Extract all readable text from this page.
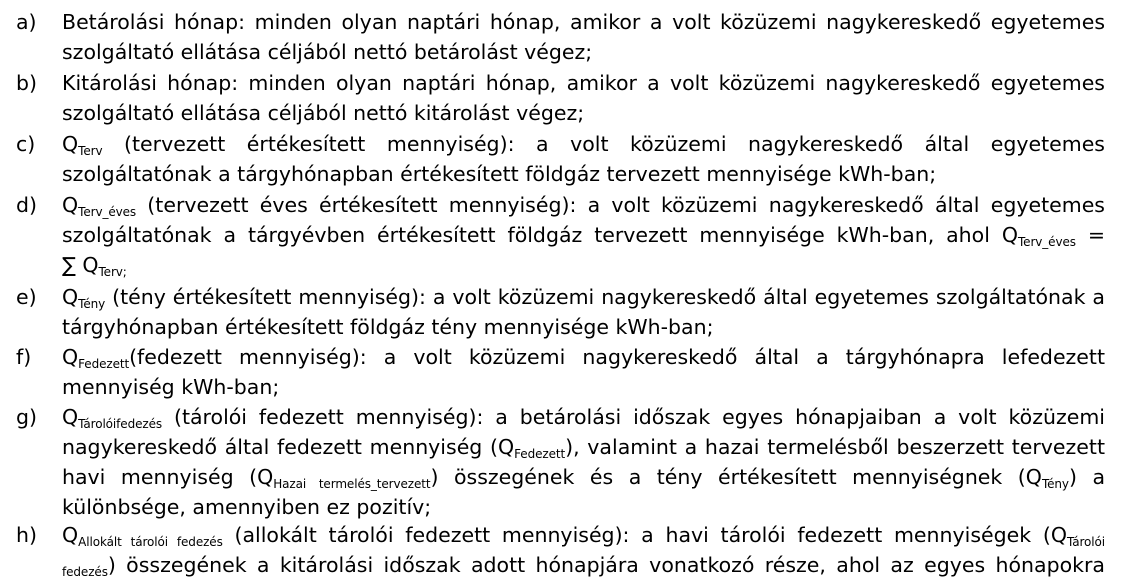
a) Betárolási hónap: minden olyan naptári hónap, amikor a volt közüzemi nagykereskedő egyetemes
szolgáltató ellátása céljából nettó betárolást végez;
b) Kitárolási hónap: minden olyan naptári hónap, amikor a volt közüzemi nagykereskedő egyetemes
szolgáltató ellátása céljából nettó kitárolást végez;
c) QTerv (tervezett értékesített mennyiség): a volt közüzemi nagykereskedő által egyetemes
szolgáltatónak a tárgyhónapban értékesített földgáz tervezett mennyisége kWh-ban;
d) QTerv_éves (tervezett éves értékesített mennyiség): a volt közüzemi nagykereskedő által egyetemes
szolgáltatónak a tárgyévben értékesített földgáz tervezett mennyisége kWh-ban, ahol QTerv_éves =
∑ QTerv;
e) QTény (tény értékesített mennyiség): a volt közüzemi nagykereskedő által egyetemes szolgáltatónak a
tárgyhónapban értékesített földgáz tény mennyisége kWh-ban;
f) QFedezett(fedezett mennyiség): a volt közüzemi nagykereskedő által a tárgyhónapra lefedezett
mennyiség kWh-ban;
g) QTárolóifedezés (tárolói fedezett mennyiség): a betárolási időszak egyes hónapjaiban a volt közüzemi
nagykereskedő által fedezett mennyiség (QFedezett), valamint a hazai termelésből beszerzett tervezett
havi mennyiség (QHazai termelés_tervezett) összegének és a tény értékesített mennyiségnek (QTény) a
különbsége, amennyiben ez pozitív;
h) QAllokált tárolói fedezés (allokált tárolói fedezett mennyiség): a havi tárolói fedezett mennyiségek (QTárolói
fedezés) összegének a kitárolási időszak adott hónapjára vonatkozó része, ahol az egyes hónapokra
